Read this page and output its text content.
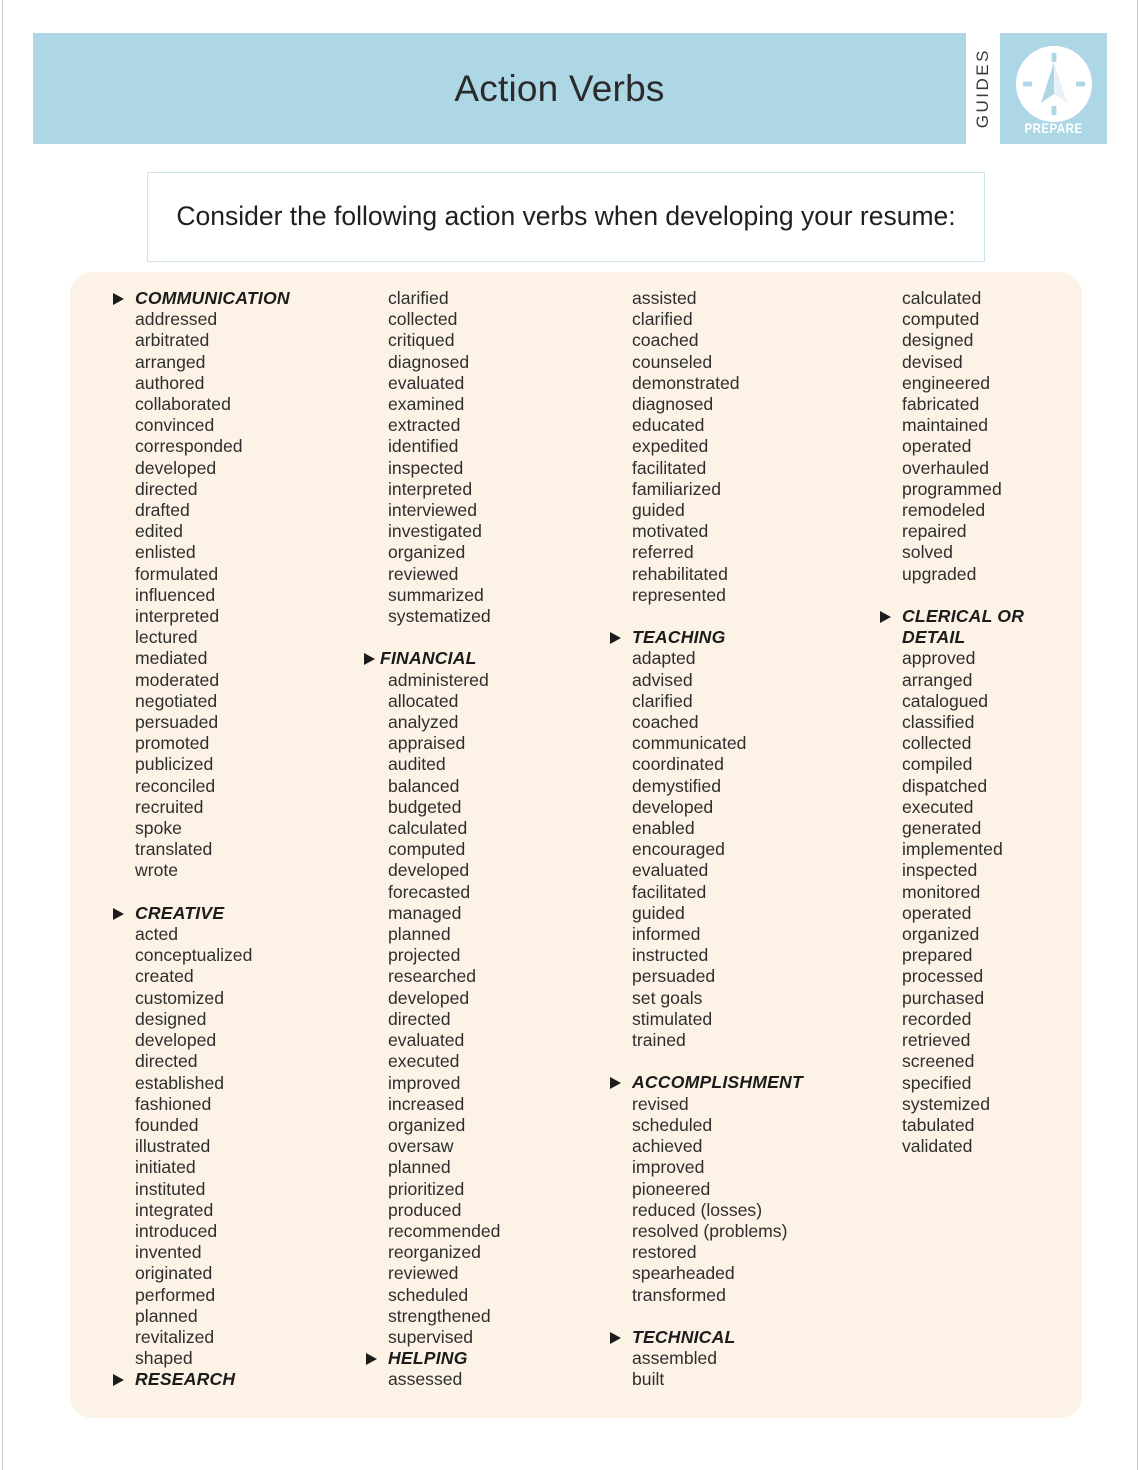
Action Verbs	GUIDES	PREPARE
Consider the following action verbs when developing your resume:
COMMUNICATION
addressed
arbitrated
arranged
authored
collaborated
convinced
corresponded
developed
directed
drafted
edited
enlisted
formulated
influenced
interpreted
lectured
mediated
moderated
negotiated
persuaded
promoted
publicized
reconciled
recruited
spoke
translated
wrote
CREATIVE
acted
conceptualized
created
customized
designed
developed
directed
established
fashioned
founded
illustrated
initiated
instituted
integrated
introduced
invented
originated
performed
planned
revitalized
shaped
RESEARCH
clarified
collected
critiqued
diagnosed
evaluated
examined
extracted
identified
inspected
interpreted
interviewed
investigated
organized
reviewed
summarized
systematized
FINANCIAL
administered
allocated
analyzed
appraised
audited
balanced
budgeted
calculated
computed
developed
forecasted
managed
planned
projected
researched
developed
directed
evaluated
executed
improved
increased
organized
oversaw
planned
prioritized
produced
recommended
reorganized
reviewed
scheduled
strengthened
supervised
HELPING
assessed
assisted
clarified
coached
counseled
demonstrated
diagnosed
educated
expedited
facilitated
familiarized
guided
motivated
referred
rehabilitated
represented
TEACHING
adapted
advised
clarified
coached
communicated
coordinated
demystified
developed
enabled
encouraged
evaluated
facilitated
guided
informed
instructed
persuaded
set goals
stimulated
trained
ACCOMPLISHMENT
revised
scheduled
achieved
improved
pioneered
reduced (losses)
resolved (problems)
restored
spearheaded
transformed
TECHNICAL
assembled
built
calculated
computed
designed
devised
engineered
fabricated
maintained
operated
overhauled
programmed
remodeled
repaired
solved
upgraded
CLERICAL OR
DETAIL
approved
arranged
catalogued
classified
collected
compiled
dispatched
executed
generated
implemented
inspected
monitored
operated
organized
prepared
processed
purchased
recorded
retrieved
screened
specified
systemized
tabulated
validated
